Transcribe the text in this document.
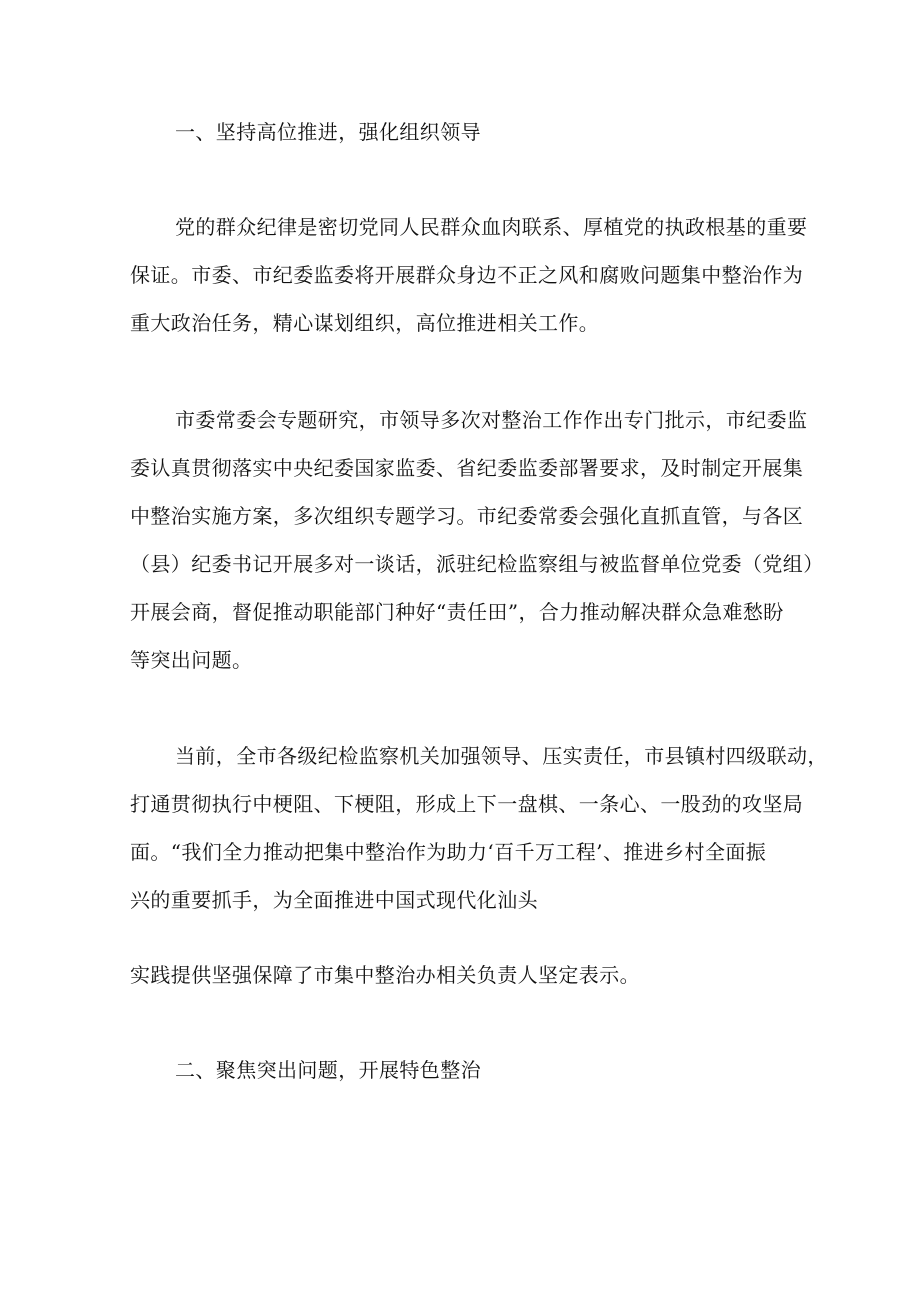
一、坚持高位推进，强化组织领导
党的群众纪律是密切党同人民群众血肉联系、厚植党的执政根基的重要
保证。市委、市纪委监委将开展群众身边不正之风和腐败问题集中整治作为
重大政治任务，精心谋划组织，高位推进相关工作。
市委常委会专题研究，市领导多次对整治工作作出专门批示，市纪委监
委认真贯彻落实中央纪委国家监委、省纪委监委部署要求，及时制定开展集
中整治实施方案，多次组织专题学习。市纪委常委会强化直抓直管，与各区
（县）纪委书记开展多对一谈话，派驻纪检监察组与被监督单位党委（党组）
开展会商，督促推动职能部门种好“责任田”，合力推动解决群众急难愁盼
等突出问题。
当前，全市各级纪检监察机关加强领导、压实责任，市县镇村四级联动，
打通贯彻执行中梗阻、下梗阻，形成上下一盘棋、一条心、一股劲的攻坚局
面。“我们全力推动把集中整治作为助力‘百千万工程’、推进乡村全面振
兴的重要抓手，为全面推进中国式现代化汕头
实践提供坚强保障了市集中整治办相关负责人坚定表示。
二、聚焦突出问题，开展特色整治
